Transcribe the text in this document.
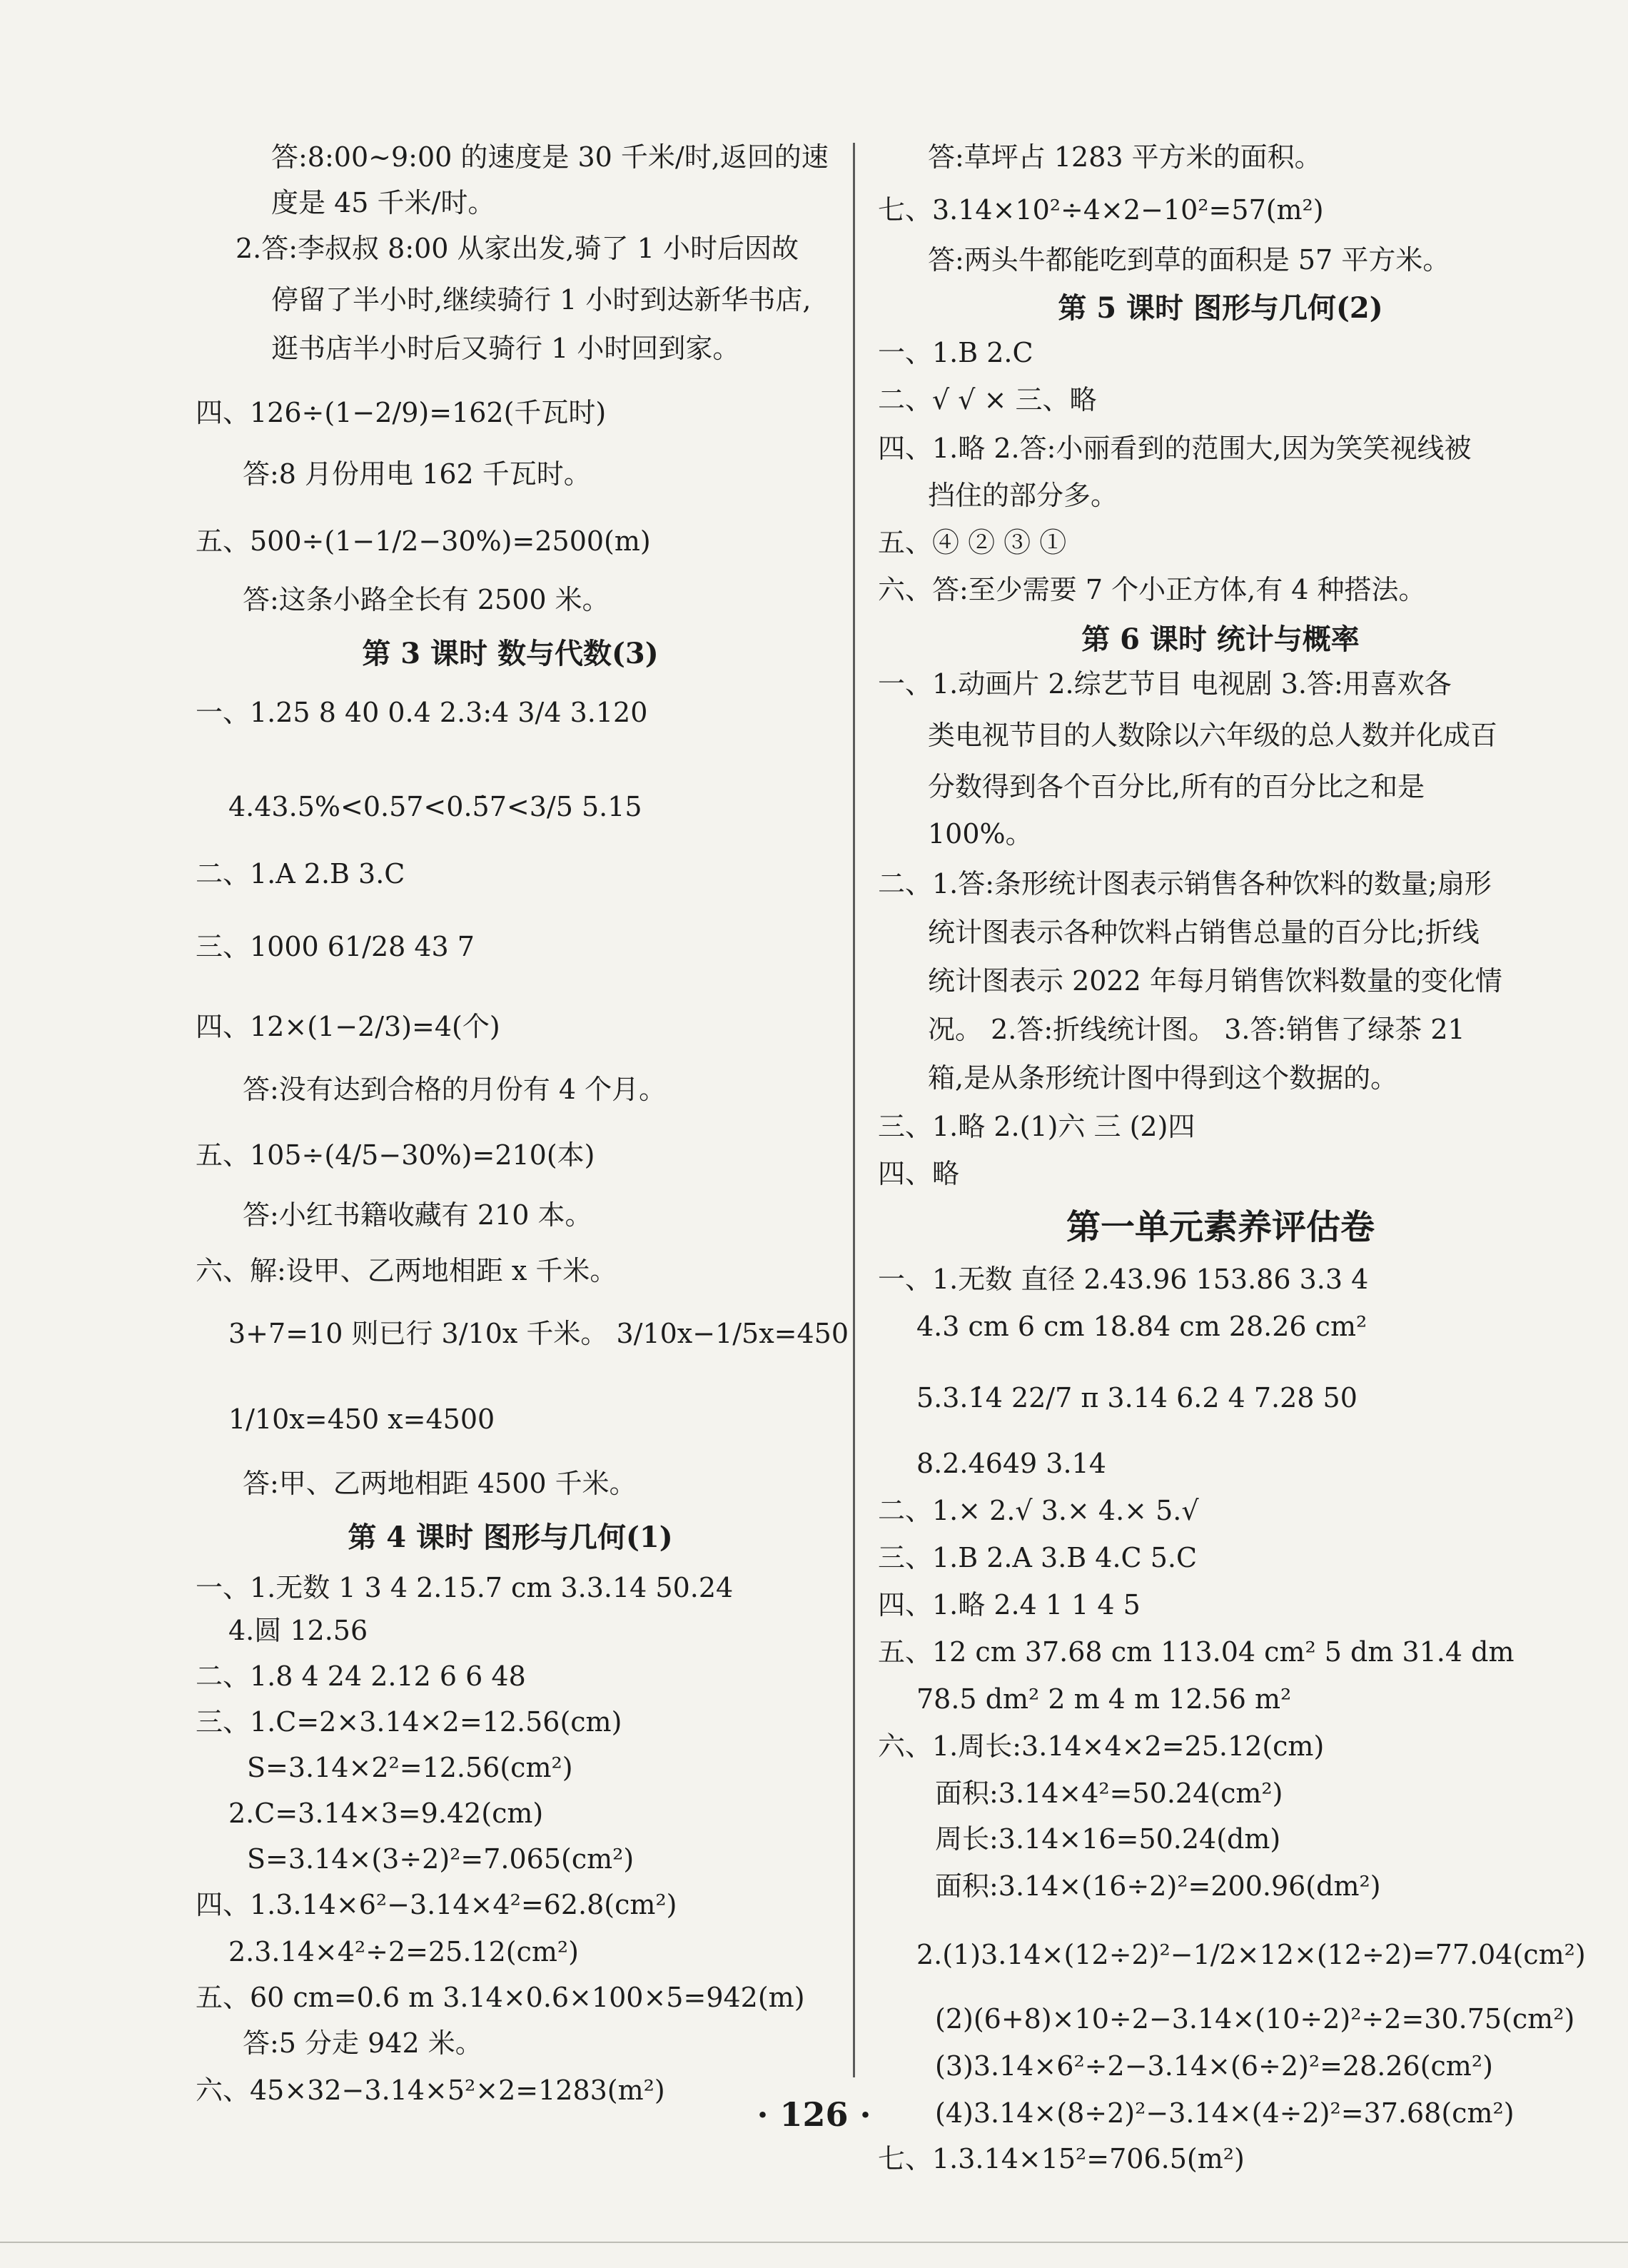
答:8:00~9:00 的速度是 30 千米/时,返回的速
度是 45 千米/时。
2.答:李叔叔 8:00 从家出发,骑了 1 小时后因故
停留了半小时,继续骑行 1 小时到达新华书店,
逛书店半小时后又骑行 1 小时回到家。
四、126÷(1−2/9)=162(千瓦时)
答:8 月份用电 162 千瓦时。
五、500÷(1−1/2−30%)=2500(m)
答:这条小路全长有 2500 米。
一、1.25 8 40 0.4 2.3:4 3/4 3.120
4.43.5%<0.57<0.5̇7<3/5 5.15
二、1.A 2.B 3.C
三、1000 61/28 43 7
四、12×(1−2/3)=4(个)
答:没有达到合格的月份有 4 个月。
五、105÷(4/5−30%)=210(本)
答:小红书籍收藏有 210 本。
六、解:设甲、乙两地相距 x 千米。
3+7=10 则已行 3/10x 千米。 3/10x−1/5x=450
1/10x=450 x=4500
答:甲、乙两地相距 4500 千米。
一、1.无数 1 3 4 2.15.7 cm 3.3.14 50.24
4.圆 12.56
二、1.8 4 24 2.12 6 6 48
三、1.C=2×3.14×2=12.56(cm)
S=3.14×2²=12.56(cm²)
2.C=3.14×3=9.42(cm)
S=3.14×(3÷2)²=7.065(cm²)
四、1.3.14×6²−3.14×4²=62.8(cm²)
2.3.14×4²÷2=25.12(cm²)
五、60 cm=0.6 m 3.14×0.6×100×5=942(m)
答:5 分走 942 米。
六、45×32−3.14×5²×2=1283(m²)
第 3 课时 数与代数(3)
第 4 课时 图形与几何(1)
答:草坪占 1283 平方米的面积。
七、3.14×10²÷4×2−10²=57(m²)
答:两头牛都能吃到草的面积是 57 平方米。
一、1.B 2.C
二、√ √ × 三、略
四、1.略 2.答:小丽看到的范围大,因为笑笑视线被
挡住的部分多。
五、④ ② ③ ①
六、答:至少需要 7 个小正方体,有 4 种搭法。
一、1.动画片 2.综艺节目 电视剧 3.答:用喜欢各
类电视节目的人数除以六年级的总人数并化成百
分数得到各个百分比,所有的百分比之和是
100%。
二、1.答:条形统计图表示销售各种饮料的数量;扇形
统计图表示各种饮料占销售总量的百分比;折线
统计图表示 2022 年每月销售饮料数量的变化情
况。 2.答:折线统计图。 3.答:销售了绿茶 21
箱,是从条形统计图中得到这个数据的。
三、1.略 2.(1)六 三 (2)四
四、略
一、1.无数 直径 2.43.96 153.86 3.3 4
4.3 cm 6 cm 18.84 cm 28.26 cm²
5.3.1̇4 22/7 π 3.14 6.2 4 7.28 50
8.2.4649 3.14
二、1.× 2.√ 3.× 4.× 5.√
三、1.B 2.A 3.B 4.C 5.C
四、1.略 2.4 1 1 4 5
五、12 cm 37.68 cm 113.04 cm² 5 dm 31.4 dm
78.5 dm² 2 m 4 m 12.56 m²
六、1.周长:3.14×4×2=25.12(cm)
面积:3.14×4²=50.24(cm²)
周长:3.14×16=50.24(dm)
面积:3.14×(16÷2)²=200.96(dm²)
2.(1)3.14×(12÷2)²−1/2×12×(12÷2)=77.04(cm²)
(2)(6+8)×10÷2−3.14×(10÷2)²÷2=30.75(cm²)
(3)3.14×6²÷2−3.14×(6÷2)²=28.26(cm²)
(4)3.14×(8÷2)²−3.14×(4÷2)²=37.68(cm²)
七、1.3.14×15²=706.5(m²)
第 5 课时 图形与几何(2)
第 6 课时 统计与概率
第一单元素养评估卷
· 126 ·
